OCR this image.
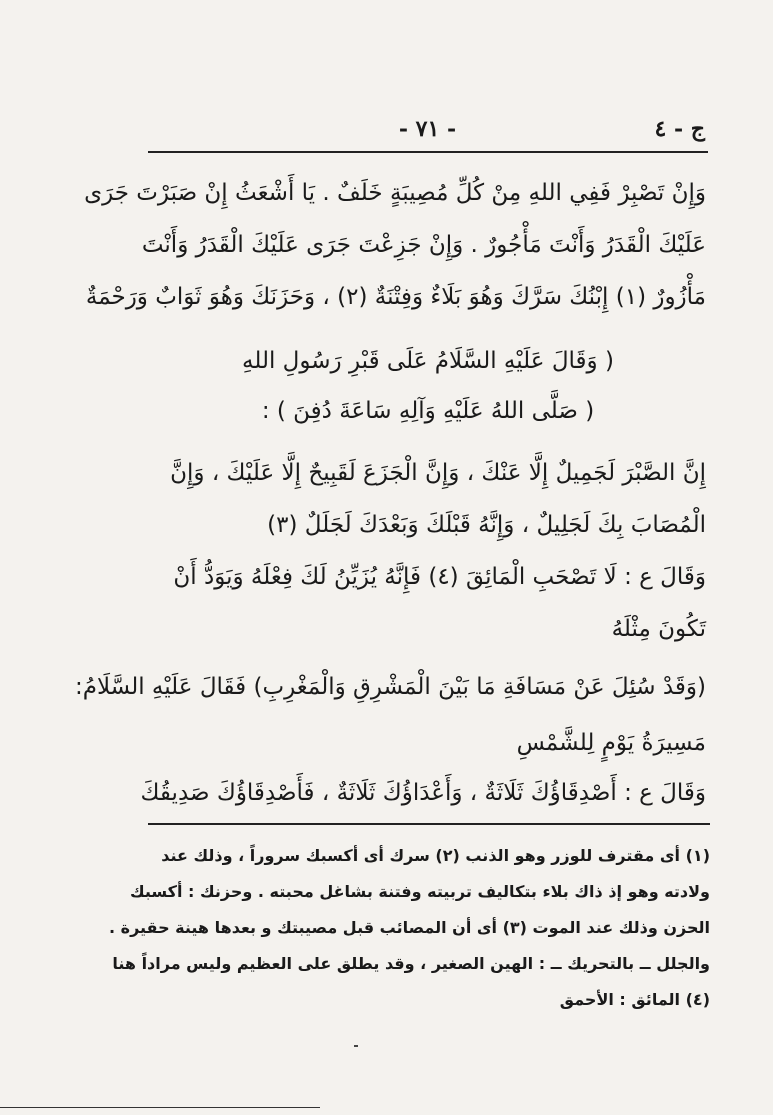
ج - ٤
- ٧١ -
وَإِنْ تَصْبِرْ فَفِي اللهِ مِنْ كُلِّ مُصِيبَةٍ خَلَفٌ . يَا أَشْعَثُ إِنْ صَبَرْتَ جَرَى
عَلَيْكَ الْقَدَرُ وَأَنْتَ مَأْجُورٌ . وَإِنْ جَزِعْتَ جَرَى عَلَيْكَ الْقَدَرُ وَأَنْتَ
مَأْزُورٌ (١) إِبْنُكَ سَرَّكَ وَهُوَ بَلَاءٌ وَفِتْنَةٌ (٢) ، وَحَزَنَكَ وَهُوَ ثَوَابٌ وَرَحْمَةٌ
( وَقَالَ عَلَيْهِ السَّلَامُ عَلَى قَبْرِ رَسُولِ اللهِ
( صَلَّى اللهُ عَلَيْهِ وَآلِهِ سَاعَةَ دُفِنَ ) :
إِنَّ الصَّبْرَ لَجَمِيلٌ إِلَّا عَنْكَ ، وَإِنَّ الْجَزَعَ لَقَبِيحٌ إِلَّا عَلَيْكَ ، وَإِنَّ
الْمُصَابَ بِكَ لَجَلِيلٌ ، وَإِنَّهُ قَبْلَكَ وَبَعْدَكَ لَجَلَلٌ (٣)
وَقَالَ ع : لَا تَصْحَبِ الْمَائِقَ (٤) فَإِنَّهُ يُزَيِّنُ لَكَ فِعْلَهُ وَيَوَدُّ أَنْ
تَكُونَ مِثْلَهُ
(وَقَدْ سُئِلَ عَنْ مَسَافَةِ مَا بَيْنَ الْمَشْرِقِ وَالْمَغْرِبِ) فَقَالَ عَلَيْهِ السَّلَامُ:
مَسِيرَةُ يَوْمٍ لِلشَّمْسِ
وَقَالَ ع : أَصْدِقَاؤُكَ ثَلَاثَةٌ ، وَأَعْدَاؤُكَ ثَلَاثَةٌ ، فَأَصْدِقَاؤُكَ صَدِيقُكَ
(١) أى مقترف للوزر وهو الذنب (٢) سرك أى أكسبك سروراً ، وذلك عند
ولادته وهو إذ ذاك بلاء بتكاليف تربيته وفتنة بشاغل محبته . وحزنك : أكسبك
الحزن وذلك عند الموت (٣) أى أن المصائب قبل مصيبتك و بعدها هينة حقيرة .
والجلل ــ بالتحريك ــ : الهين الصغير ، وقد يطلق على العظيم وليس مراداً هنا
(٤) المائق : الأحمق
